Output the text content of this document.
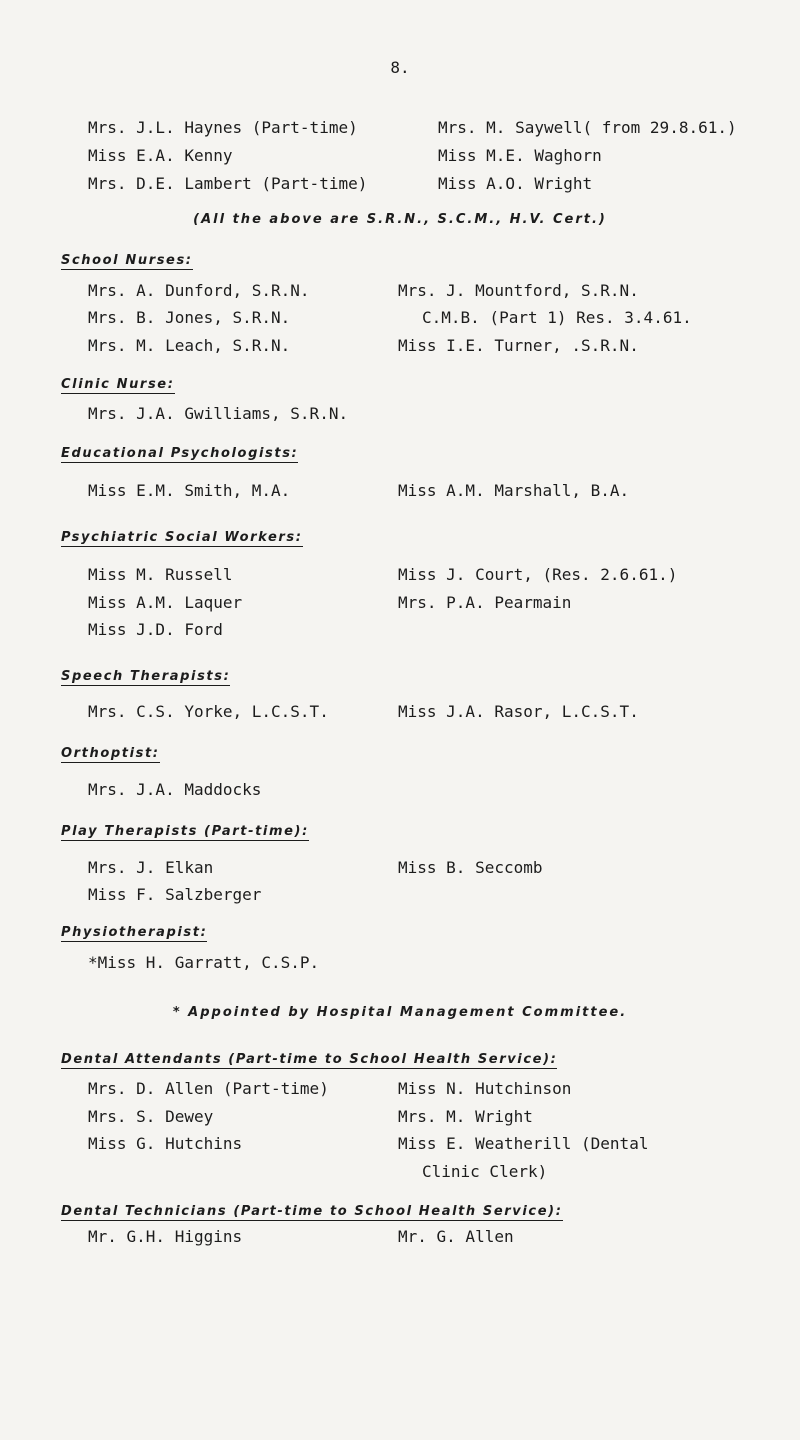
8.
Mrs. J.L. Haynes (Part-time)	Mrs. M. Saywell( from 29.8.61.)
Miss E.A. Kenny	Miss M.E. Waghorn
Mrs. D.E. Lambert (Part-time)	Miss A.O. Wright
(All the above are S.R.N., S.C.M., H.V. Cert.)
School Nurses:
Mrs. A. Dunford, S.R.N.	Mrs. J. Mountford, S.R.N.
Mrs. B. Jones, S.R.N.	C.M.B. (Part 1) Res. 3.4.61.
Mrs. M. Leach, S.R.N.	Miss I.E. Turner, .S.R.N.
Clinic Nurse:
Mrs. J.A. Gwilliams, S.R.N.
Educational Psychologists:
Miss E.M. Smith, M.A.	Miss A.M. Marshall, B.A.
Psychiatric Social Workers:
Miss M. Russell	Miss J. Court, (Res. 2.6.61.)
Miss A.M. Laquer	Mrs. P.A. Pearmain
Miss J.D. Ford
Speech Therapists:
Mrs. C.S. Yorke, L.C.S.T.	Miss J.A. Rasor, L.C.S.T.
Orthoptist:
Mrs. J.A. Maddocks
Play Therapists (Part-time):
Mrs. J. Elkan	Miss B. Seccomb
Miss F. Salzberger
Physiotherapist:
*Miss H. Garratt, C.S.P.
* Appointed by Hospital Management Committee.
Dental Attendants (Part-time to School Health Service):
Mrs. D. Allen (Part-time)	Miss N. Hutchinson
Mrs. S. Dewey	Mrs. M. Wright
Miss G. Hutchins	Miss E. Weatherill (Dental
Clinic Clerk)
Dental Technicians (Part-time to School Health Service):
Mr. G.H. Higgins	Mr. G. Allen
